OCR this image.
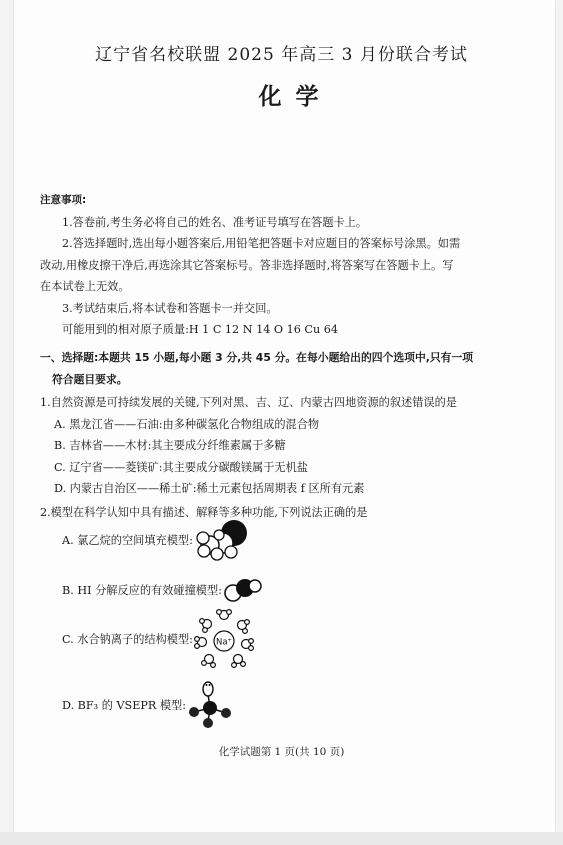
辽宁省名校联盟 2025 年高三 3 月份联合考试
化学
注意事项:
1.答卷前,考生务必将自己的姓名、准考证号填写在答题卡上。
2.答选择题时,选出每小题答案后,用铅笔把答题卡对应题目的答案标号涂黑。如需
改动,用橡皮擦干净后,再选涂其它答案标号。答非选择题时,将答案写在答题卡上。写
在本试卷上无效。
3.考试结束后,将本试卷和答题卡一并交回。
可能用到的相对原子质量:H 1 C 12 N 14 O 16 Cu 64
一、选择题:本题共 15 小题,每小题 3 分,共 45 分。在每小题给出的四个选项中,只有一项
符合题目要求。
1.自然资源是可持续发展的关键,下列对黑、吉、辽、内蒙古四地资源的叙述错误的是
A. 黑龙江省——石油:由多种碳氢化合物组成的混合物
B. 吉林省——木材:其主要成分纤维素属于多糖
C. 辽宁省——菱镁矿:其主要成分碳酸镁属于无机盐
D. 内蒙古自治区——稀土矿:稀土元素包括周期表 f 区所有元素
2.模型在科学认知中具有描述、解释等多种功能,下列说法正确的是
A. 氯乙烷的空间填充模型:
B. HI 分解反应的有效碰撞模型:
C. 水合钠离子的结构模型:	Na⁺
D. BF₃ 的 VSEPR 模型:
化学试题第 1 页(共 10 页)
